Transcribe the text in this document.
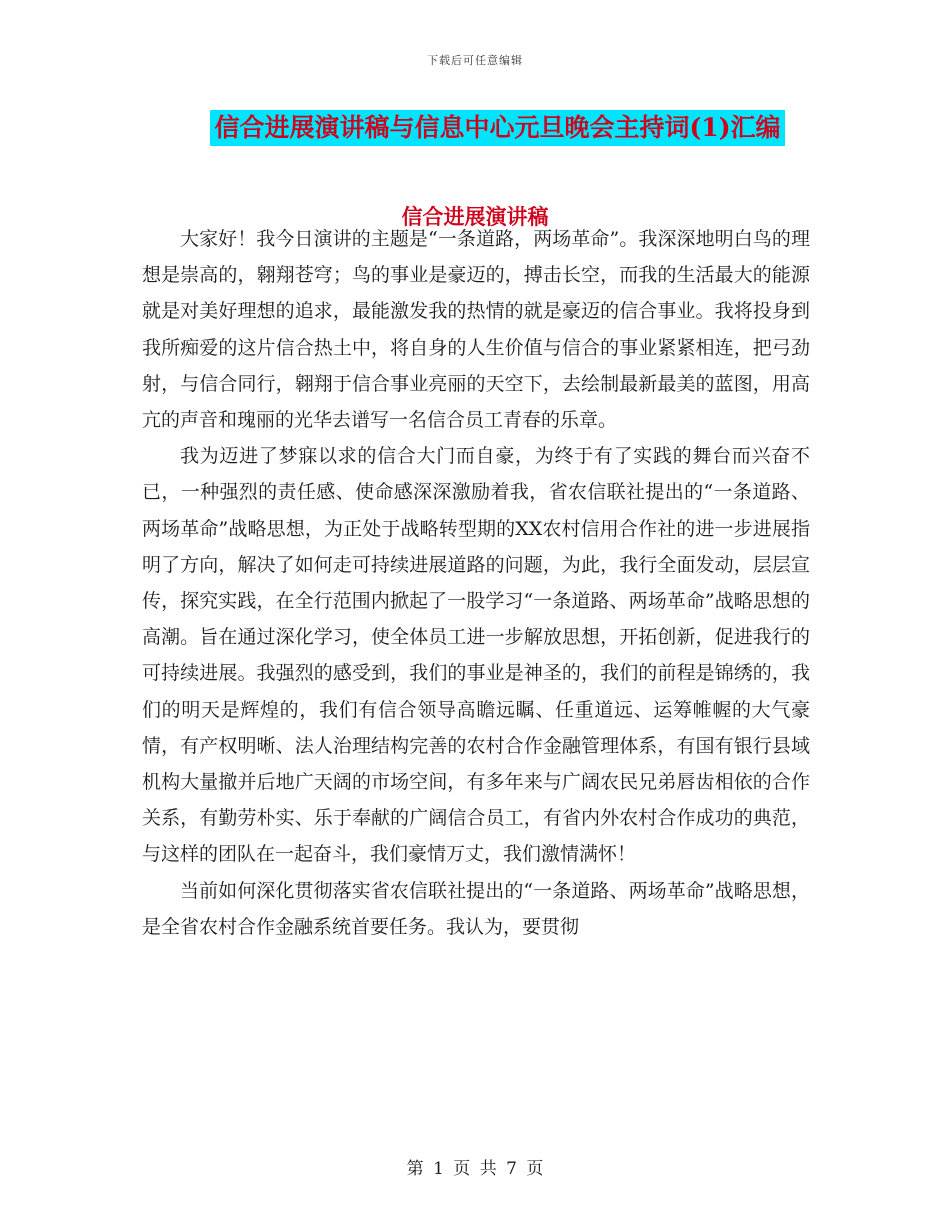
下载后可任意编辑
信合进展演讲稿与信息中心元旦晚会主持词(1)汇编
信合进展演讲稿

大家好！我今日演讲的主题是“一条道路，两场革命”。我深深地明白鸟的理想是崇高的，翱翔苍穹；鸟的事业是豪迈的，搏击长空，而我的生活最大的能源就是对美好理想的追求，最能激发我的热情的就是豪迈的信合事业。我将投身到我所痴爱的这片信合热土中，将自身的人生价值与信合的事业紧紧相连，把弓劲射，与信合同行，翱翔于信合事业亮丽的天空下，去绘制最新最美的蓝图，用高亢的声音和瑰丽的光华去谱写一名信合员工青春的乐章。

我为迈进了梦寐以求的信合大门而自豪，为终于有了实践的舞台而兴奋不已，一种强烈的责任感、使命感深深激励着我，省农信联社提出的“一条道路、两场革命”战略思想，为正处于战略转型期的XX农村信用合作社的进一步进展指明了方向，解决了如何走可持续进展道路的问题，为此，我行全面发动，层层宣传，探究实践，在全行范围内掀起了一股学习“一条道路、两场革命”战略思想的高潮。旨在通过深化学习，使全体员工进一步解放思想，开拓创新，促进我行的可持续进展。我强烈的感受到，我们的事业是神圣的，我们的前程是锦绣的，我们的明天是辉煌的，我们有信合领导高瞻远瞩、任重道远、运筹帷幄的大气豪情，有产权明晰、法人治理结构完善的农村合作金融管理体系，有国有银行县域机构大量撤并后地广天阔的市场空间，有多年来与广阔农民兄弟唇齿相依的合作关系，有勤劳朴实、乐于奉献的广阔信合员工，有省内外农村合作成功的典范，与这样的团队在一起奋斗，我们豪情万丈，我们激情满怀！

当前如何深化贯彻落实省农信联社提出的“一条道路、两场革命”战略思想，是全省农村合作金融系统首要任务。我认为，要贯彻

第 1 页 共 7 页
